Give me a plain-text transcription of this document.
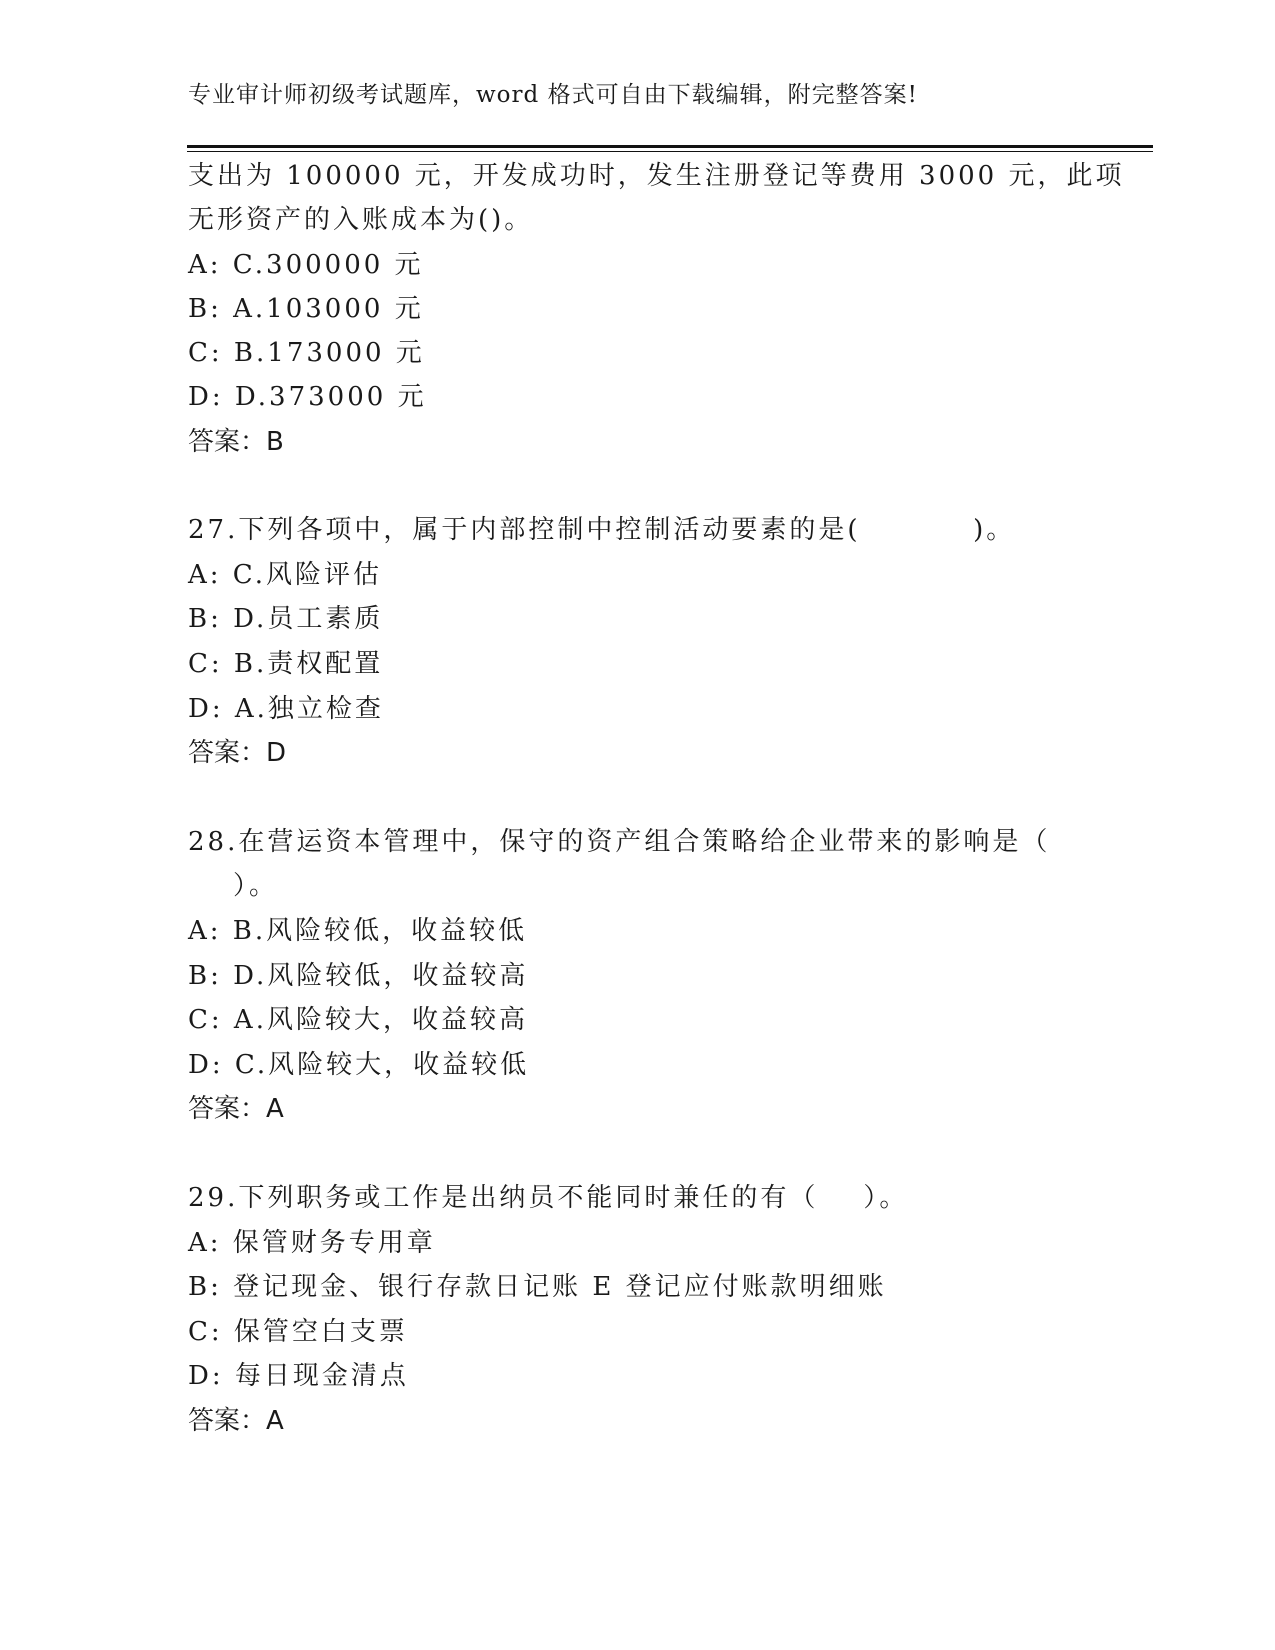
专业审计师初级考试题库，word 格式可自由下载编辑，附完整答案!
支出为 100000 元，开发成功时，发生注册登记等费用 3000 元，此项
无形资产的入账成本为()。
A: C.300000 元
B: A.103000 元
C: B.173000 元
D: D.373000 元
答案：B
27.下列各项中，属于内部控制中控制活动要素的是(          )。
A: C.风险评估
B: D.员工素质
C: B.责权配置
D: A.独立检查
答案：D
28.在营运资本管理中，保守的资产组合策略给企业带来的影响是（
）。
A: B.风险较低，收益较低
B: D.风险较低，收益较高
C: A.风险较大，收益较高
D: C.风险较大，收益较低
答案：A
29.下列职务或工作是出纳员不能同时兼任的有（    ）。
A: 保管财务专用章
B: 登记现金、银行存款日记账 E 登记应付账款明细账
C: 保管空白支票
D: 每日现金清点
答案：A
